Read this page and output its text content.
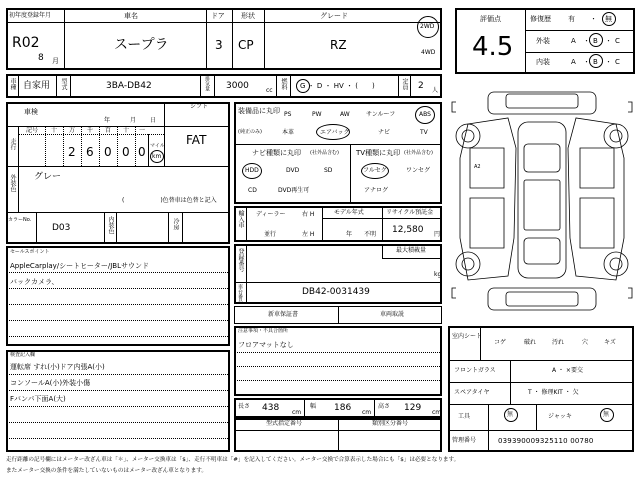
初年度登録年月
R02
8 月
車名
スープラ
ドア
3
形状
CP
グレード
RZ
2WD
4WD
評価点
4.5
修復歴 有 ・ 無
外装	A ・ B ・ C
内装	A ・ B ・ C
車種 自家用 型式	3BA-DB42	排気量 3000	cc
燃料 G ・ D ・ HV ・ (　　)	定員 2 人
車検
年	月 日
シフト
FAT
走行
記号 十 万 千 百 十 一
2 6 0 0 0 マイル
km
外装色 グレー
(　　　　　　)色替車は色替と記入
カラーNo.
D03	内装色	冷房
装備品に丸印
(純正のみ)
PS	PW	AW	サンルーフ	ABS
本革	エアバッグ	ナビ	TV
ナビ種類に丸印 (社外品含む)
HDD	DVD	SD
CD	DVD再生可
TV種類に丸印 (社外品含む)
フルセグ	ワンセグ
アナログ
輸入車 ディーラー
並行
右 H
左 H
モデル年式
年 不明
リサイクル預託金
12,580 円
登録番号	最大積載量
kg
車台番号	DB42-0031439
新車保証書	車両取説
注意事項・不具合箇所
フロアマットなし
長さ 438 cm
幅 186 cm
高さ 129 cm
型式指定番号	類別区分番号
セールスポイント
AppleCarplay/シートヒーター/JBLサウンド
バックカメラ、
検査記入欄
運転席 すれ(小)ドア内張A(小)
コンソールA(小)外装小傷
Fバンパ下面A(大)
A2
室内シート
コゲ	破れ	汚れ	穴	キズ
フロントガラス	A ・ ×要交
スペアタイヤ	T ・ 修理KIT ・ 欠
工具	無	ジャッキ	無
管理番号	039390009325110 00780
走行距離の記号欄にはメーター改ざん車は「＊」、メーター交換車は「$」、走行不明車は「#」を記入してください。メーター交換で合算表示した場合にも「$」は必要となります。
またメーター交換の条件を満たしていないものはメーター改ざん車となります。
